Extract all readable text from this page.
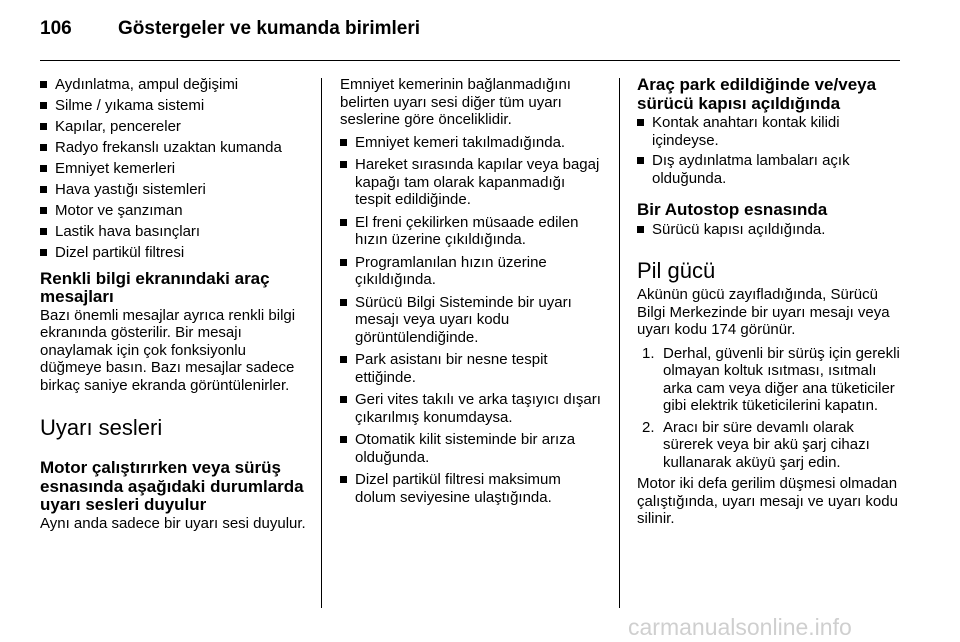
106 Göstergeler ve kumanda birimleri
Aydınlatma, ampul değişimi
Silme / yıkama sistemi
Kapılar, pencereler
Radyo frekanslı uzaktan kumanda
Emniyet kemerleri
Hava yastığı sistemleri
Motor ve şanzıman
Lastik hava basınçları
Dizel partikül filtresi
Renkli bilgi ekranındaki araç mesajları

Bazı önemli mesajlar ayrıca renkli bilgi ekranında gösterilir. Bir mesajı onaylamak için çok fonksiyonlu düğmeye basın. Bazı mesajlar sadece birkaç saniye ekranda görüntülenirler.

Uyarı sesleri
Motor çalıştırırken veya sürüş esnasında aşağıdaki durumlarda uyarı sesleri duyulur

Aynı anda sadece bir uyarı sesi duyulur.

Emniyet kemerinin bağlanmadığını belirten uyarı sesi diğer tüm uyarı seslerine göre önceliklidir.

Emniyet kemeri takılmadığında.
Hareket sırasında kapılar veya bagaj kapağı tam olarak kapanmadığı tespit edildiğinde.
El freni çekilirken müsaade edilen hızın üzerine çıkıldığında.
Programlanılan hızın üzerine çıkıldığında.
Sürücü Bilgi Sisteminde bir uyarı mesajı veya uyarı kodu görüntülendiğinde.
Park asistanı bir nesne tespit ettiğinde.
Geri vites takılı ve arka taşıyıcı dışarı çıkarılmış konumdaysa.
Otomatik kilit sisteminde bir arıza olduğunda.
Dizel partikül filtresi maksimum dolum seviyesine ulaştığında.
Araç park edildiğinde ve/veya sürücü kapısı açıldığında
Kontak anahtarı kontak kilidi içindeyse.
Dış aydınlatma lambaları açık olduğunda.
Bir Autostop esnasında
Sürücü kapısı açıldığında.
Pil gücü

Akünün gücü zayıfladığında, Sürücü Bilgi Merkezinde bir uyarı mesajı veya uyarı kodu 174 görünür.

1. Derhal, güvenli bir sürüş için gerekli olmayan koltuk ısıtması, ısıtmalı arka cam veya diğer ana tüketiciler gibi elektrik tüketicilerini kapatın.
2. Aracı bir süre devamlı olarak sürerek veya bir akü şarj cihazı kullanarak aküyü şarj edin.

Motor iki defa gerilim düşmesi olmadan çalıştığında, uyarı mesajı ve uyarı kodu silinir.

carmanualsonline.info
